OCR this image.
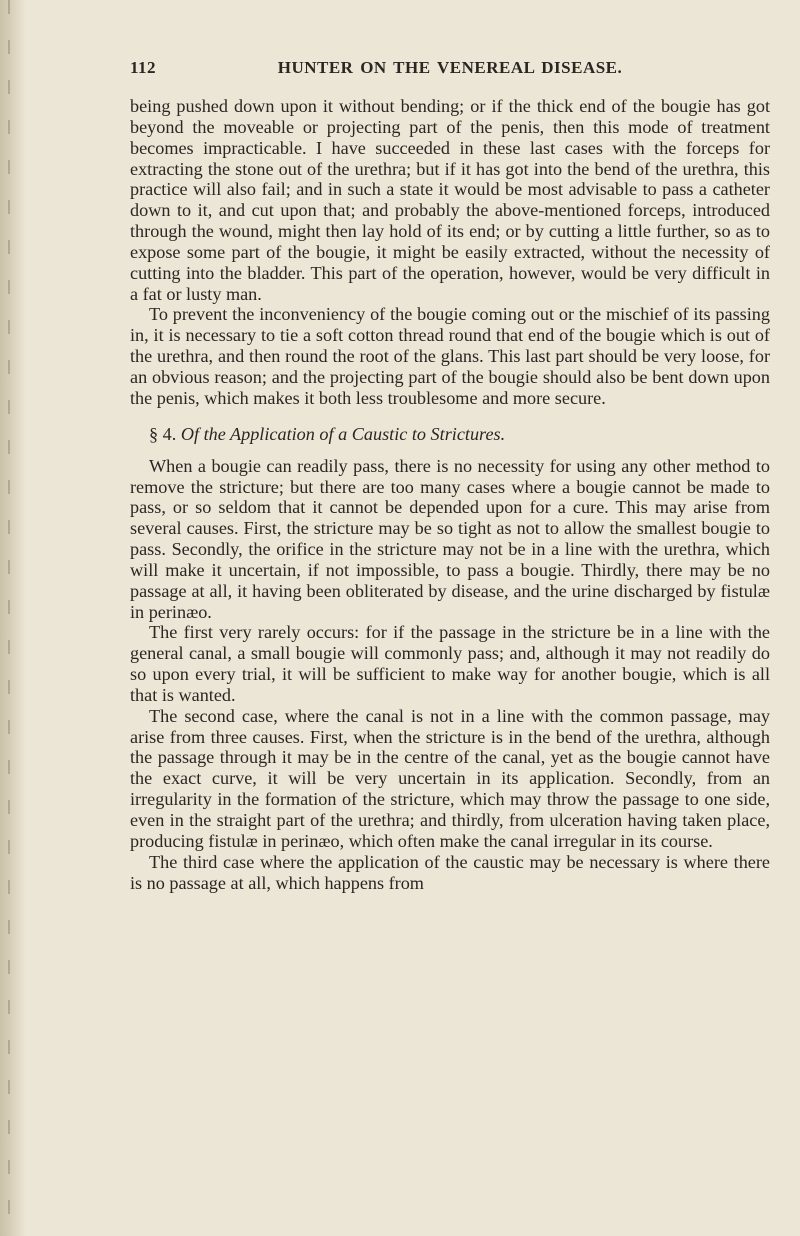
112	HUNTER ON THE VENEREAL DISEASE.

being pushed down upon it without bending; or if the thick end of the bougie has got beyond the moveable or projecting part of the penis, then this mode of treatment becomes impracticable. I have succeeded in these last cases with the forceps for extracting the stone out of the urethra; but if it has got into the bend of the urethra, this practice will also fail; and in such a state it would be most advisable to pass a catheter down to it, and cut upon that; and probably the above-mentioned forceps, introduced through the wound, might then lay hold of its end; or by cutting a little further, so as to expose some part of the bougie, it might be easily extracted, without the necessity of cutting into the bladder. This part of the operation, however, would be very difficult in a fat or lusty man.

To prevent the inconveniency of the bougie coming out or the mischief of its passing in, it is necessary to tie a soft cotton thread round that end of the bougie which is out of the urethra, and then round the root of the glans. This last part should be very loose, for an obvious reason; and the projecting part of the bougie should also be bent down upon the penis, which makes it both less troublesome and more secure.

§ 4. Of the Application of a Caustic to Strictures.

When a bougie can readily pass, there is no necessity for using any other method to remove the stricture; but there are too many cases where a bougie cannot be made to pass, or so seldom that it cannot be depended upon for a cure. This may arise from several causes. First, the stricture may be so tight as not to allow the smallest bougie to pass. Secondly, the orifice in the stricture may not be in a line with the urethra, which will make it uncertain, if not impossible, to pass a bougie. Thirdly, there may be no passage at all, it having been obliterated by disease, and the urine discharged by fistulæ in perinæo.

The first very rarely occurs: for if the passage in the stricture be in a line with the general canal, a small bougie will commonly pass; and, although it may not readily do so upon every trial, it will be sufficient to make way for another bougie, which is all that is wanted.

The second case, where the canal is not in a line with the common passage, may arise from three causes. First, when the stricture is in the bend of the urethra, although the passage through it may be in the centre of the canal, yet as the bougie cannot have the exact curve, it will be very uncertain in its application. Secondly, from an irregularity in the formation of the stricture, which may throw the passage to one side, even in the straight part of the urethra; and thirdly, from ulceration having taken place, producing fistulæ in perinæo, which often make the canal irregular in its course.

The third case where the application of the caustic may be necessary is where there is no passage at all, which happens from
